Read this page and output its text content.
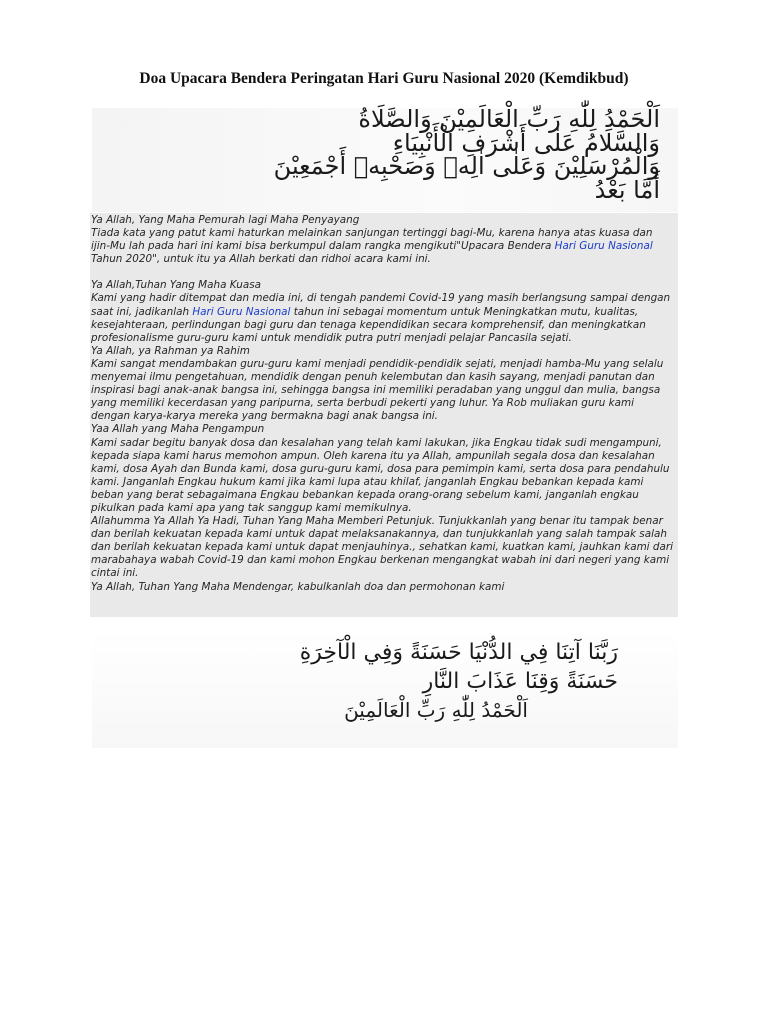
Doa Upacara Bendera Peringatan Hari Guru Nasional 2020 (Kemdikbud)
اَلْحَمْدُ لِلّٰهِ رَبِّ الْعَالَمِيْنَ وَالصَّلَاةُ
وَالسَّلَامُ عَلٰى أَشْرَفِ الْأَنْبِيَاءِ
وَالْمُرْسَلِيْنَ وَعَلٰى اٰلِهٖ وَصَحْبِهٖ أَجْمَعِيْنَ
أَمَّا بَعْدُ
Ya Allah, Yang Maha Pemurah lagi Maha Penyayang
Tiada kata yang patut kami haturkan melainkan sanjungan tertinggi bagi-Mu, karena hanya atas kuasa dan ijin-Mu lah pada hari ini kami bisa berkumpul dalam rangka mengikuti"Upacara Bendera Hari Guru Nasional Tahun 2020", untuk itu ya Allah berkati dan ridhoi acara kami ini.
Ya Allah,Tuhan Yang Maha Kuasa
Kami yang hadir ditempat dan media ini, di tengah pandemi Covid-19 yang masih berlangsung sampai dengan saat ini, jadikanlah Hari Guru Nasional tahun ini sebagai momentum untuk Meningkatkan mutu, kualitas, kesejahteraan, perlindungan bagi guru dan tenaga kependidikan secara komprehensif, dan meningkatkan profesionalisme guru-guru kami untuk mendidik putra putri menjadi pelajar Pancasila sejati.
Ya Allah, ya Rahman ya Rahim
Kami sangat mendambakan guru-guru kami menjadi pendidik-pendidik sejati, menjadi hamba-Mu yang selalu menyemai ilmu pengetahuan, mendidik dengan penuh kelembutan dan kasih sayang, menjadi panutan dan inspirasi bagi anak-anak bangsa ini, sehingga bangsa ini memiliki peradaban yang unggul dan mulia, bangsa yang memiliki kecerdasan yang paripurna, serta berbudi pekerti yang luhur. Ya Rob muliakan guru kami dengan karya-karya mereka yang bermakna bagi anak bangsa ini.
Yaa Allah yang Maha Pengampun
Kami sadar begitu banyak dosa dan kesalahan yang telah kami lakukan, jika Engkau tidak sudi mengampuni, kepada siapa kami harus memohon ampun. Oleh karena itu ya Allah, ampunilah segala dosa dan kesalahan kami, dosa Ayah dan Bunda kami, dosa guru-guru kami, dosa para pemimpin kami, serta dosa para pendahulu kami. Janganlah Engkau hukum kami jika kami lupa atau khilaf, janganlah Engkau bebankan kepada kami beban yang berat sebagaimana Engkau bebankan kepada orang-orang sebelum kami, janganlah engkau pikulkan pada kami apa yang tak sanggup kami memikulnya.
Allahumma Ya Allah Ya Hadi, Tuhan Yang Maha Memberi Petunjuk. Tunjukkanlah yang benar itu tampak benar dan berilah kekuatan kepada kami untuk dapat melaksanakannya, dan tunjukkanlah yang salah tampak salah dan berilah kekuatan kepada kami untuk dapat menjauhinya., sehatkan kami, kuatkan kami, jauhkan kami dari marabahaya wabah Covid-19 dan kami mohon Engkau berkenan mengangkat wabah ini dari negeri yang kami cintai ini.
Ya Allah, Tuhan Yang Maha Mendengar, kabulkanlah doa dan permohonan kami
رَبَّنَا آتِنَا فِي الدُّنْيَا حَسَنَةً وَفِي الْآخِرَةِ
حَسَنَةً وَقِنَا عَذَابَ النَّارِ
اَلْحَمْدُ لِلّٰهِ رَبِّ الْعَالَمِيْنَ
